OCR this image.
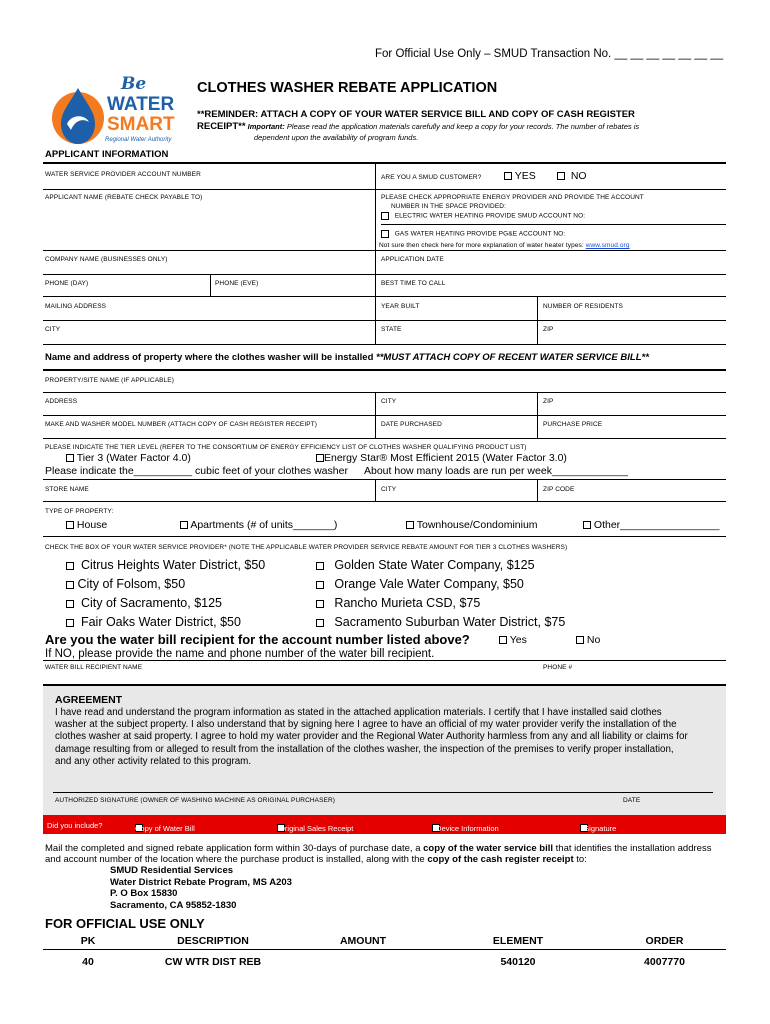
For Official Use Only – SMUD Transaction No. __ __ __ __ __ __ __
Be
WATER
SMART
Regional Water Authority
CLOTHES WASHER REBATE APPLICATION
**REMINDER: ATTACH A COPY OF YOUR WATER SERVICE BILL AND COPY OF CASH REGISTER
RECEIPT** Important: Please read the application materials carefully and keep a copy for your records. The number of rebates is
dependent upon the availability of program funds.
APPLICANT INFORMATION
WATER SERVICE PROVIDER ACCOUNT NUMBER	ARE YOU A SMUD CUSTOMER?	YES	NO
APPLICANT NAME (REBATE CHECK PAYABLE TO)	PLEASE CHECK APPROPRIATE ENERGY PROVIDER AND PROVIDE THE ACCOUNT
NUMBER IN THE SPACE PROVIDED:
ELECTRIC WATER HEATING PROVIDE SMUD ACCOUNT NO:
GAS WATER HEATING PROVIDE PG&E ACCOUNT NO:
Not sure then check here for more explanation of water heater types: www.smud.org
COMPANY NAME (BUSINESSES ONLY)	APPLICATION DATE
PHONE (DAY)	PHONE (EVE)	BEST TIME TO CALL
MAILING ADDRESS	YEAR BUILT	NUMBER OF RESIDENTS
CITY	STATE	ZIP
Name and address of property where the clothes washer will be installed **MUST ATTACH COPY OF RECENT WATER SERVICE BILL**
PROPERTY/SITE NAME (IF APPLICABLE)
ADDRESS	CITY	ZIP
MAKE AND WASHER MODEL NUMBER (ATTACH COPY OF CASH REGISTER RECEIPT)	DATE PURCHASED	PURCHASE PRICE
PLEASE INDICATE THE TIER LEVEL (REFER TO THE CONSORTIUM OF ENERGY EFFICIENCY LIST OF CLOTHES WASHER QUALIFYING PRODUCT LIST)
Tier 3 (Water Factor 4.0)	Energy Star® Most Efficient 2015 (Water Factor 3.0)
Please indicate the__________ cubic feet of your clothes washer About how many loads are run per week_____________
STORE NAME	CITY	ZIP CODE
TYPE OF PROPERTY:
House	Apartments (# of units_______)	Townhouse/Condominium	Other_________________
CHECK THE BOX OF YOUR WATER SERVICE PROVIDER* (NOTE THE APPLICABLE WATER PROVIDER SERVICE REBATE AMOUNT FOR TIER 3 CLOTHES WASHERS)
Citrus Heights Water District, $50
City of Folsom, $50
City of Sacramento, $125
Fair Oaks Water District, $50
Golden State Water Company, $125
Orange Vale Water Company, $50
Rancho Murieta CSD, $75
Sacramento Suburban Water District, $75
Are you the water bill recipient for the account number listed above?	Yes	No
If NO, please provide the name and phone number of the water bill recipient.
WATER BILL RECIPIENT NAME	PHONE #
AGREEMENT
I have read and understand the program information as stated in the attached application materials. I certify that I have installed said clothes
washer at the subject property. I also understand that by signing here I agree to have an official of my water provider verify the installation of the
clothes washer at said property. I agree to hold my water provider and the Regional Water Authority harmless from any and all liability or claims for
damage resulting from or alleged to result from the installation of the clothes washer, the inspection of the premises to verify proper installation,
and any other activity related to this program.
AUTHORIZED SIGNATURE (OWNER OF WASHING MACHINE AS ORIGINAL PURCHASER)	DATE
Did you include?	Copy of Water Bill
	Original Sales Receipt
	Device Information
	Signature
Mail the completed and signed rebate application form within 30-days of purchase date, a copy of the water service bill that identifies the installation address
and account number of the location where the purchase product is installed, along with the copy of the cash register receipt to:
SMUD Residential Services
Water District Rebate Program, MS A203
P. O Box 15830
Sacramento, CA 95852-1830
FOR OFFICIAL USE ONLY
PK	DESCRIPTION	AMOUNT	ELEMENT	ORDER
40	CW WTR DIST REB		540120	4007770
